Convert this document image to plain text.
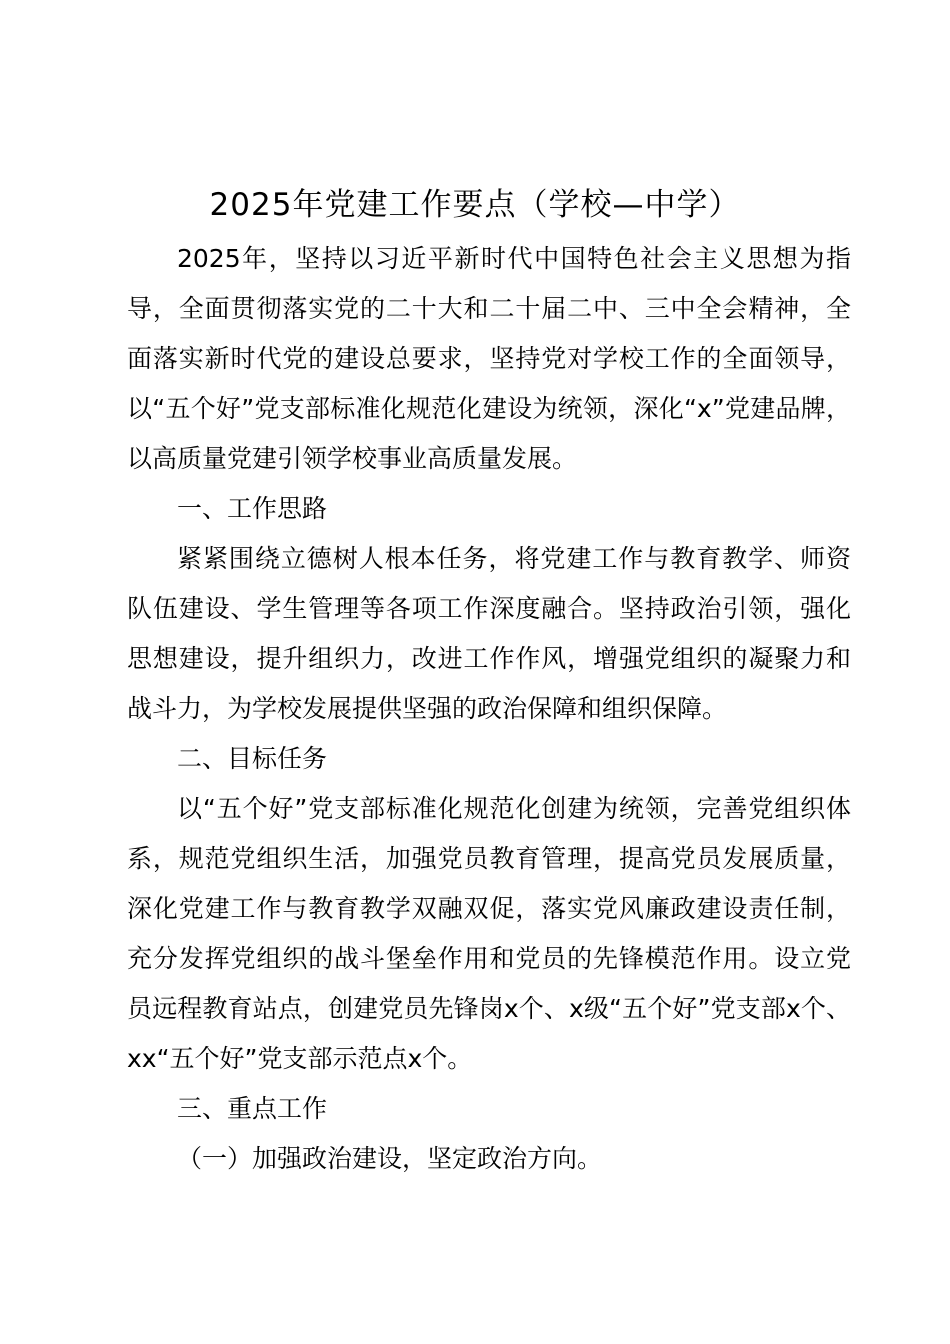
2025年党建工作要点（学校—中学）

2025年，坚持以习近平新时代中国特色社会主义思想为指导，全面贯彻落实党的二十大和二十届二中、三中全会精神，全面落实新时代党的建设总要求，坚持党对学校工作的全面领导，以“五个好”党支部标准化规范化建设为统领，深化“x”党建品牌，以高质量党建引领学校事业高质量发展。

一、工作思路

紧紧围绕立德树人根本任务，将党建工作与教育教学、师资队伍建设、学生管理等各项工作深度融合。坚持政治引领，强化思想建设，提升组织力，改进工作作风，增强党组织的凝聚力和战斗力，为学校发展提供坚强的政治保障和组织保障。

二、目标任务

以“五个好”党支部标准化规范化创建为统领，完善党组织体系，规范党组织生活，加强党员教育管理，提高党员发展质量，深化党建工作与教育教学双融双促，落实党风廉政建设责任制，充分发挥党组织的战斗堡垒作用和党员的先锋模范作用。设立党员远程教育站点，创建党员先锋岗x个、x级“五个好”党支部x个、xx“五个好”党支部示范点x个。

三、重点工作

（一）加强政治建设，坚定政治方向。
